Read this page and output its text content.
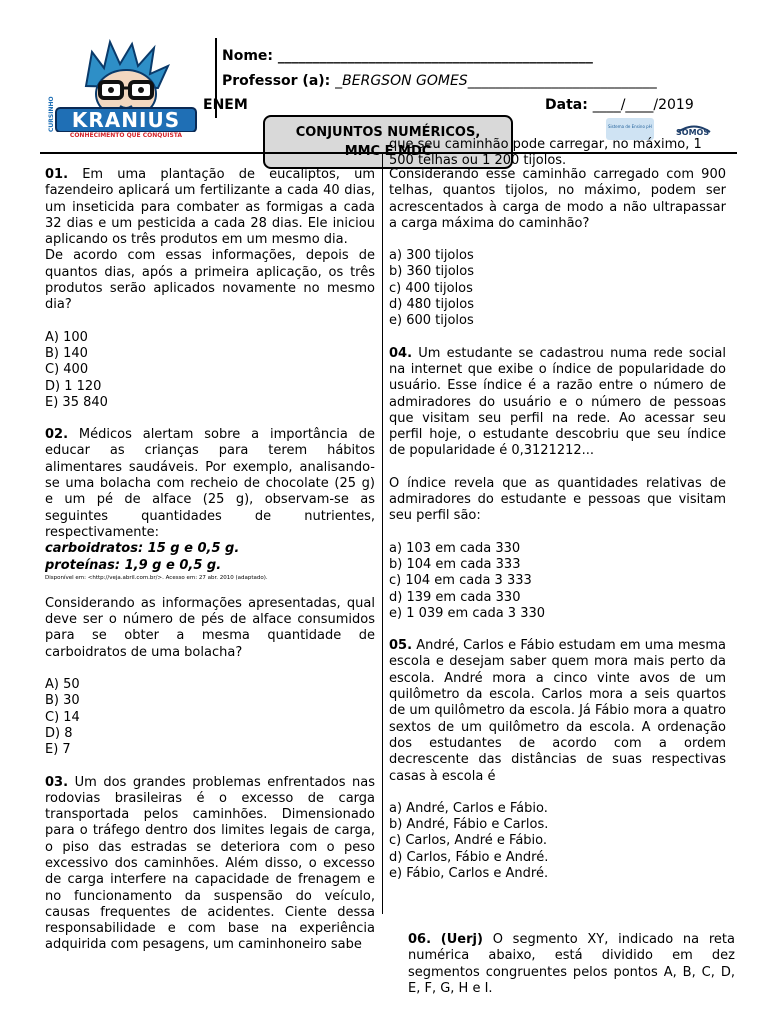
CURSINHO KRANIUS
CONHECIMENTO QUE CONQUISTA
Nome: _____________________________________________
Professor (a): _BERGSON GOMES___________________________
ENEM	Data: ____/____/2019
CONJUNTOS NUMÉRICOS,	Sistema de Ensino pH
SOMOS

01. Em uma plantação de eucaliptos, um fazendeiro aplicará um fertilizante a cada 40 dias, um inseticida para combater as formigas a cada 32 dias e um pesticida a cada 28 dias. Ele iniciou aplicando os três produtos em um mesmo dia.

De acordo com essas informações, depois de quantos dias, após a primeira aplicação, os três produtos serão aplicados novamente no mesmo dia?

A) 100

B) 140

C) 400

D) 1 120

E) 35 840

02. Médicos alertam sobre a importância de educar as crianças para terem hábitos alimentares saudáveis. Por exemplo, analisando-se uma bolacha com recheio de chocolate (25 g) e um pé de alface (25 g), observam-se as seguintes quantidades de nutrientes, respectivamente:

carboidratos: 15 g e 0,5 g.

proteínas: 1,9 g e 0,5 g.

Disponível em: <http://veja.abril.com.br/>. Acesso em: 27 abr. 2010 (adaptado).

Considerando as informações apresentadas, qual deve ser o número de pés de alface consumidos para se obter a mesma quantidade de carboidratos de uma bolacha?

A) 50

B) 30

C) 14

D) 8

E) 7

03. Um dos grandes problemas enfrentados nas rodovias brasileiras é o excesso de carga transportada pelos caminhões. Dimensionado para o tráfego dentro dos limites legais de carga, o piso das estradas se deteriora com o peso excessivo dos caminhões. Além disso, o excesso de carga interfere na capacidade de frenagem e no funcionamento da suspensão do veículo, causas frequentes de acidentes. Ciente dessa responsabilidade e com base na experiência adquirida com pesagens, um caminhoneiro sabe

que seu caminhão pode carregar, no máximo, 1
500 telhas ou 1 200 tijolos.

Considerando esse caminhão carregado com 900 telhas, quantos tijolos, no máximo, podem ser acrescentados à carga de modo a não ultrapassar a carga máxima do caminhão?

a) 300 tijolos

b) 360 tijolos

c) 400 tijolos

d) 480 tijolos

e) 600 tijolos

04. Um estudante se cadastrou numa rede social na internet que exibe o índice de popularidade do usuário. Esse índice é a razão entre o número de admiradores do usuário e o número de pessoas que visitam seu perfil na rede. Ao acessar seu perfil hoje, o estudante descobriu que seu índice de popularidade é 0,3121212...

O índice revela que as quantidades relativas de admiradores do estudante e pessoas que visitam seu perfil são:

a) 103 em cada 330

b) 104 em cada 333

c) 104 em cada 3 333

d) 139 em cada 330

e) 1 039 em cada 3 330

05. André, Carlos e Fábio estudam em uma mesma escola e desejam saber quem mora mais perto da escola. André mora a cinco vinte avos de um quilômetro da escola. Carlos mora a seis quartos de um quilômetro da escola. Já Fábio mora a quatro sextos de um quilômetro da escola. A ordenação dos estudantes de acordo com a ordem decrescente das distâncias de suas respectivas casas à escola é

a) André, Carlos e Fábio.

b) André, Fábio e Carlos.

c) Carlos, André e Fábio.

d) Carlos, Fábio e André.

e) Fábio, Carlos e André.

06. (Uerj) O segmento XY, indicado na reta numérica abaixo, está dividido em dez segmentos congruentes pelos pontos A, B, C, D, E, F, G, H e I.
